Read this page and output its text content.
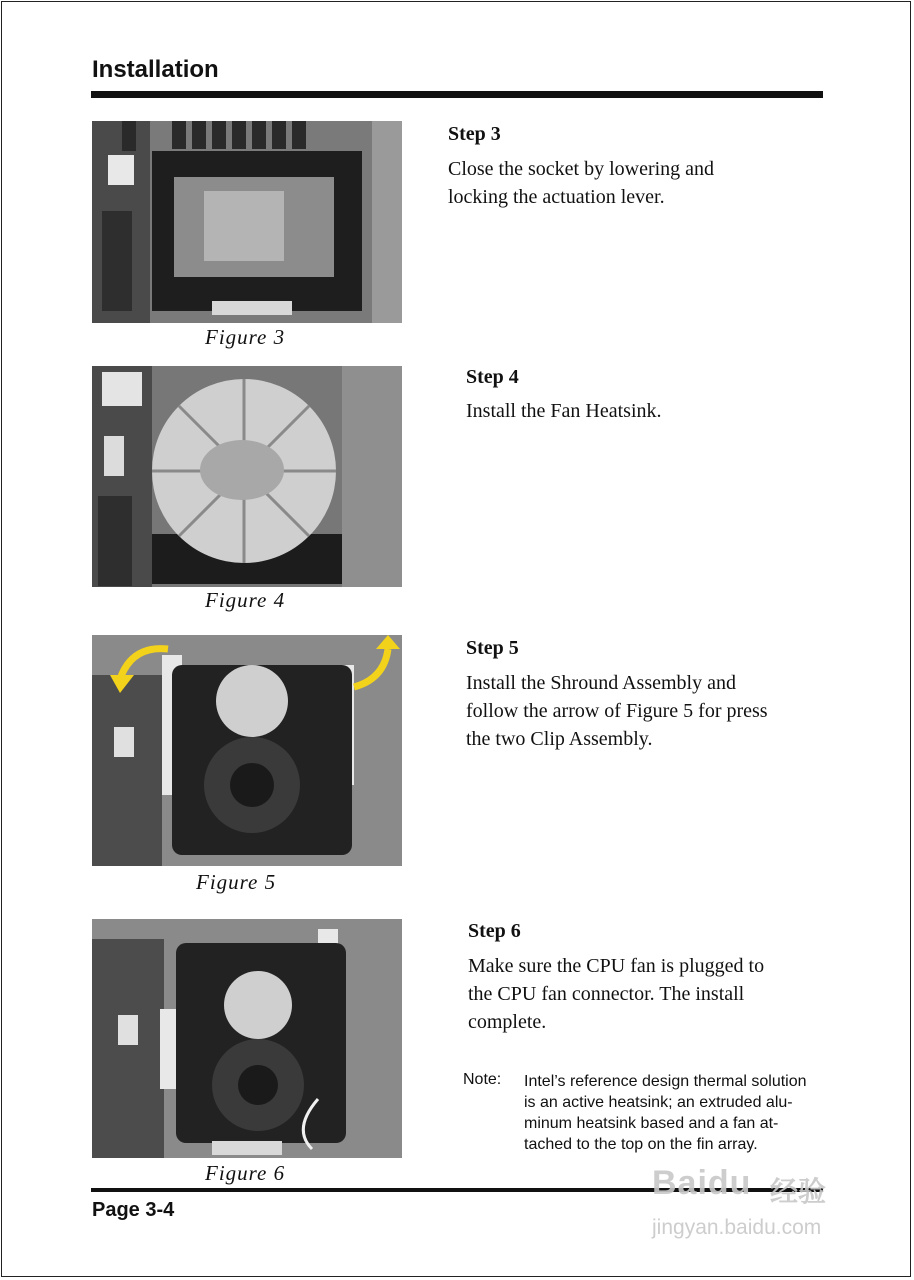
Installation
Figure 3
Step 3
Close the socket by lowering and
locking the actuation lever.
Figure 4
Step 4
Install the Fan Heatsink.
Figure 5
Step 5
Install the Shround Assembly and
follow the arrow of Figure 5 for press
the two Clip Assembly.
Figure 6
Step 6
Make sure the CPU fan is plugged to
the CPU fan connector. The install
complete.
Note: Intel’s reference design thermal solution
is an active heatsink; an extruded alu-
minum heatsink based and a fan at-
tached to the top on the fin array.
Page 3-4
Baidu 经验
jingyan.baidu.com
